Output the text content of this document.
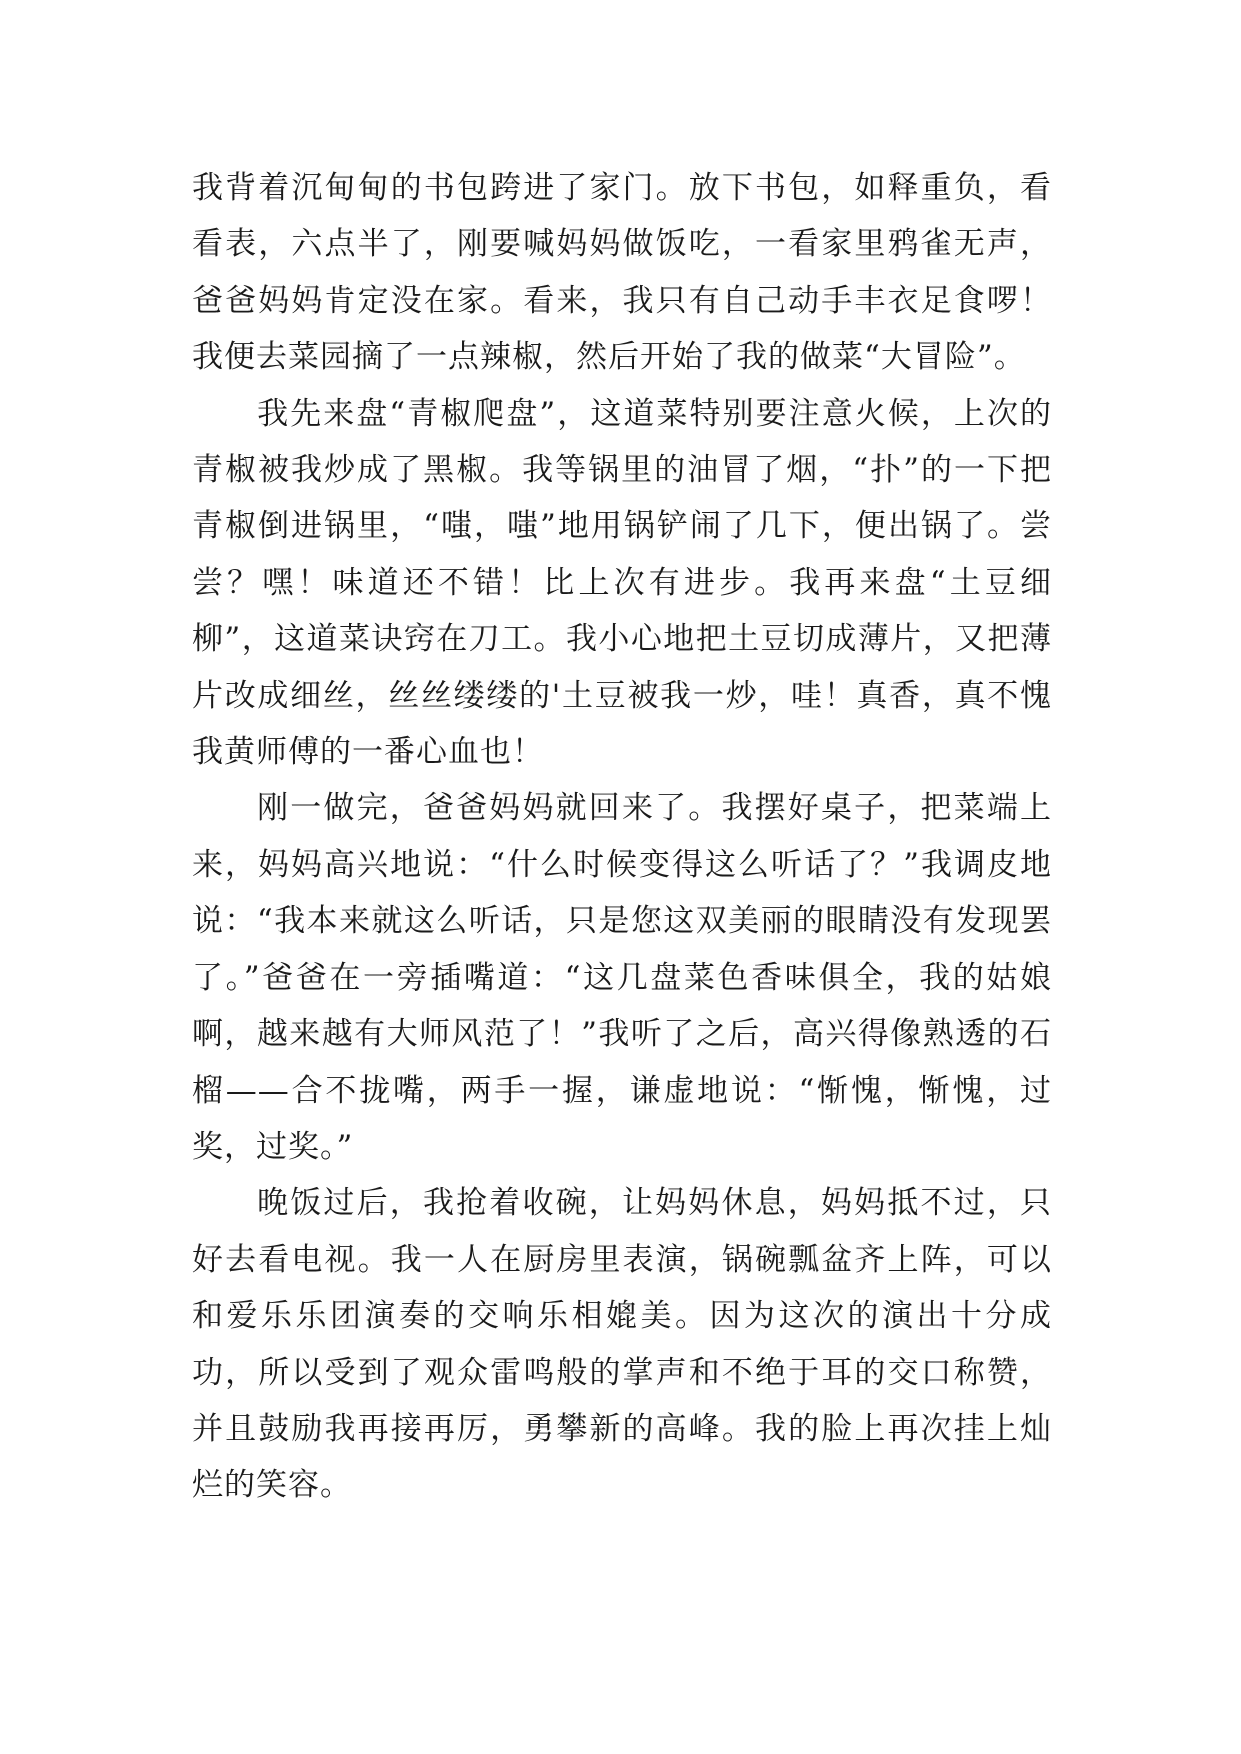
我背着沉甸甸的书包跨进了家门。放下书包，如释重负，看看表，六点半了，刚要喊妈妈做饭吃，一看家里鸦雀无声，爸爸妈妈肯定没在家。看来，我只有自己动手丰衣足食啰！我便去菜园摘了一点辣椒，然后开始了我的做菜“大冒险”。

我先来盘“青椒爬盘”，这道菜特别要注意火候，上次的青椒被我炒成了黑椒。我等锅里的油冒了烟，“扑”的一下把青椒倒进锅里，“嗤，嗤”地用锅铲闹了几下，便出锅了。尝尝？嘿！味道还不错！比上次有进步。我再来盘“土豆细柳”，这道菜诀窍在刀工。我小心地把土豆切成薄片，又把薄片改成细丝，丝丝缕缕的'土豆被我一炒，哇！真香，真不愧我黄师傅的一番心血也！

刚一做完，爸爸妈妈就回来了。我摆好桌子，把菜端上来，妈妈高兴地说：“什么时候变得这么听话了？”我调皮地说：“我本来就这么听话，只是您这双美丽的眼睛没有发现罢了。”爸爸在一旁插嘴道：“这几盘菜色香味俱全，我的姑娘啊，越来越有大师风范了！”我听了之后，高兴得像熟透的石榴——合不拢嘴，两手一握，谦虚地说：“惭愧，惭愧，过奖，过奖。”

晚饭过后，我抢着收碗，让妈妈休息，妈妈抵不过，只好去看电视。我一人在厨房里表演，锅碗瓢盆齐上阵，可以和爱乐乐团演奏的交响乐相媲美。因为这次的演出十分成功，所以受到了观众雷鸣般的掌声和不绝于耳的交口称赞，并且鼓励我再接再厉，勇攀新的高峰。我的脸上再次挂上灿烂的笑容。
